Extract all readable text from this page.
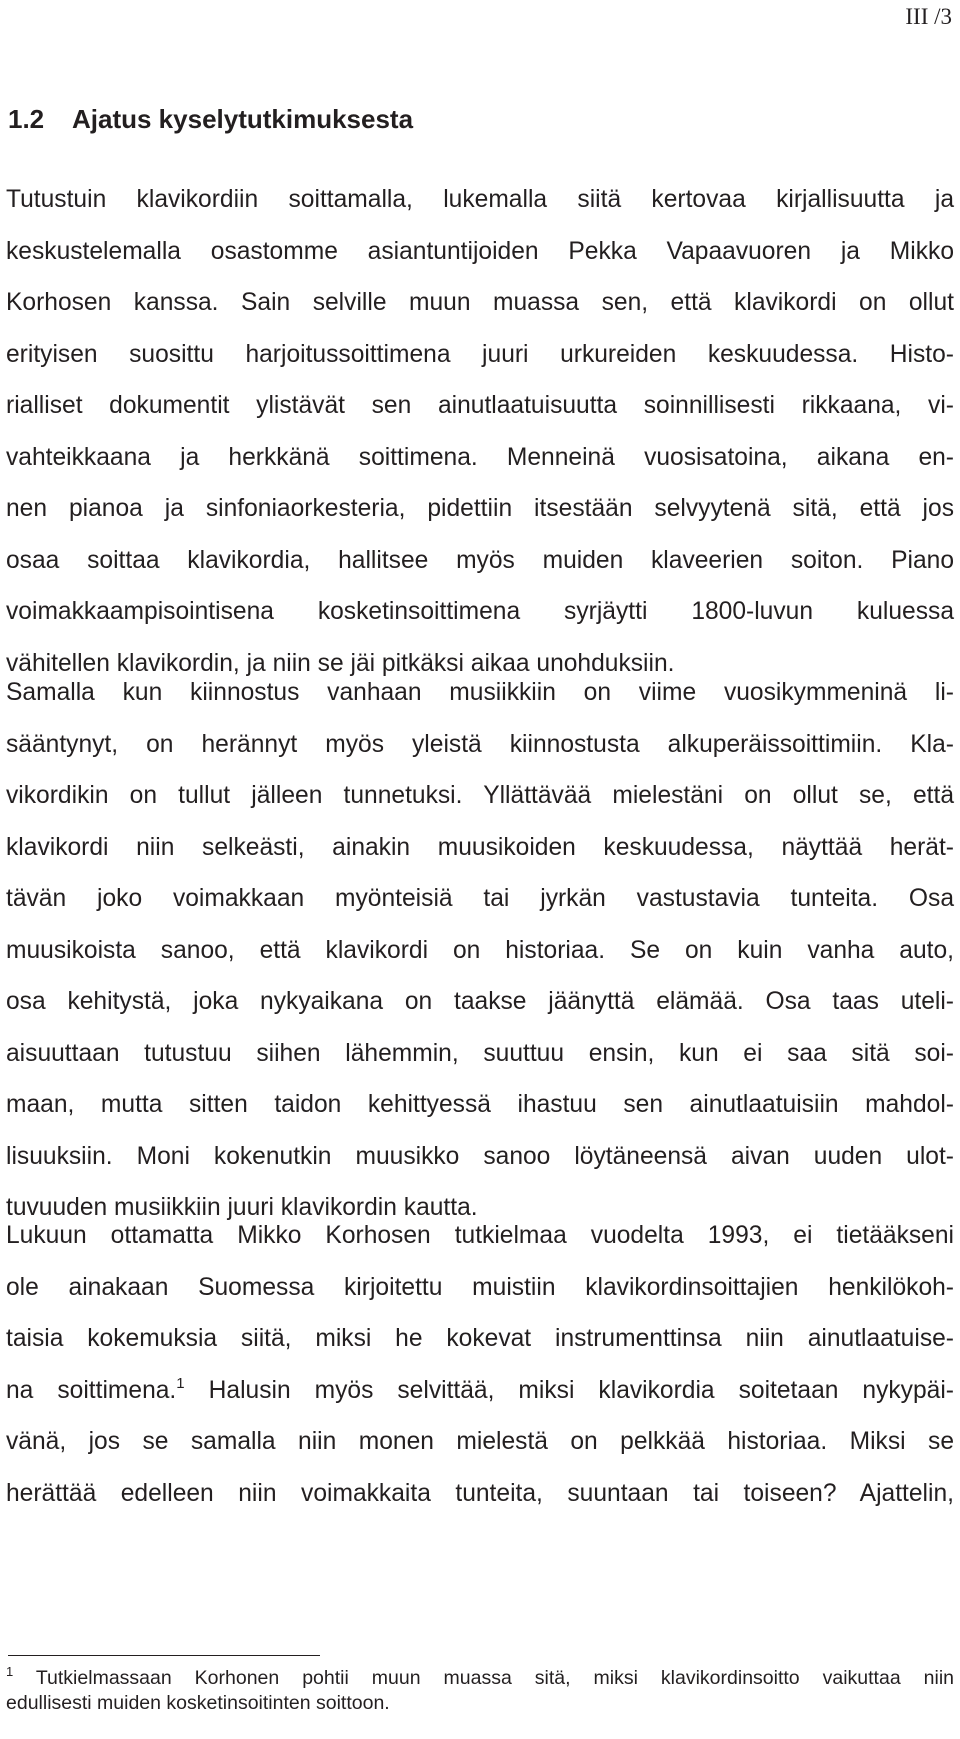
III /3
1.2 Ajatus kyselytutkimuksesta
Tutustuin klavikordiin soittamalla, lukemalla siitä kertovaa kirjallisuutta ja
keskustelemalla osastomme asiantuntijoiden Pekka Vapaavuoren ja Mikko
Korhosen kanssa. Sain selville muun muassa sen, että klavikordi on ollut
erityisen suosittu harjoitussoittimena juuri urkureiden keskuudessa. Histo-
rialliset dokumentit ylistävät sen ainutlaatuisuutta soinnillisesti rikkaana, vi-
vahteikkaana ja herkkänä soittimena. Menneinä vuosisatoina, aikana en-
nen pianoa ja sinfoniaorkesteria, pidettiin itsestään selvyytenä sitä, että jos
osaa soittaa klavikordia, hallitsee myös muiden klaveerien soiton. Piano
voimakkaampisointisena kosketinsoittimena syrjäytti 1800-luvun kuluessa
vähitellen klavikordin, ja niin se jäi pitkäksi aikaa unohduksiin.
Samalla kun kiinnostus vanhaan musiikkiin on viime vuosikymmeninä li-
sääntynyt, on herännyt myös yleistä kiinnostusta alkuperäissoittimiin. Kla-
vikordikin on tullut jälleen tunnetuksi. Yllättävää mielestäni on ollut se, että
klavikordi niin selkeästi, ainakin muusikoiden keskuudessa, näyttää herät-
tävän joko voimakkaan myönteisiä tai jyrkän vastustavia tunteita. Osa
muusikoista sanoo, että klavikordi on historiaa. Se on kuin vanha auto,
osa kehitystä, joka nykyaikana on taakse jäänyttä elämää. Osa taas uteli-
aisuuttaan tutustuu siihen lähemmin, suuttuu ensin, kun ei saa sitä soi-
maan, mutta sitten taidon kehittyessä ihastuu sen ainutlaatuisiin mahdol-
lisuuksiin. Moni kokenutkin muusikko sanoo löytäneensä aivan uuden ulot-
tuvuuden musiikkiin juuri klavikordin kautta.
Lukuun ottamatta Mikko Korhosen tutkielmaa vuodelta 1993, ei tietääkseni
ole ainakaan Suomessa kirjoitettu muistiin klavikordinsoittajien henkilökoh-
taisia kokemuksia siitä, miksi he kokevat instrumenttinsa niin ainutlaatuise-
na soittimena.$^1$ Halusin myös selvittää, miksi klavikordia soitetaan nykypäi-
vänä, jos se samalla niin monen mielestä on pelkkää historiaa. Miksi se
herättää edelleen niin voimakkaita tunteita, suuntaan tai toiseen? Ajattelin,
$^1$ Tutkielmassaan Korhonen pohtii muun muassa sitä, miksi klavikordinsoitto vaikuttaa niin
edullisesti muiden kosketinsoitinten soittoon.
